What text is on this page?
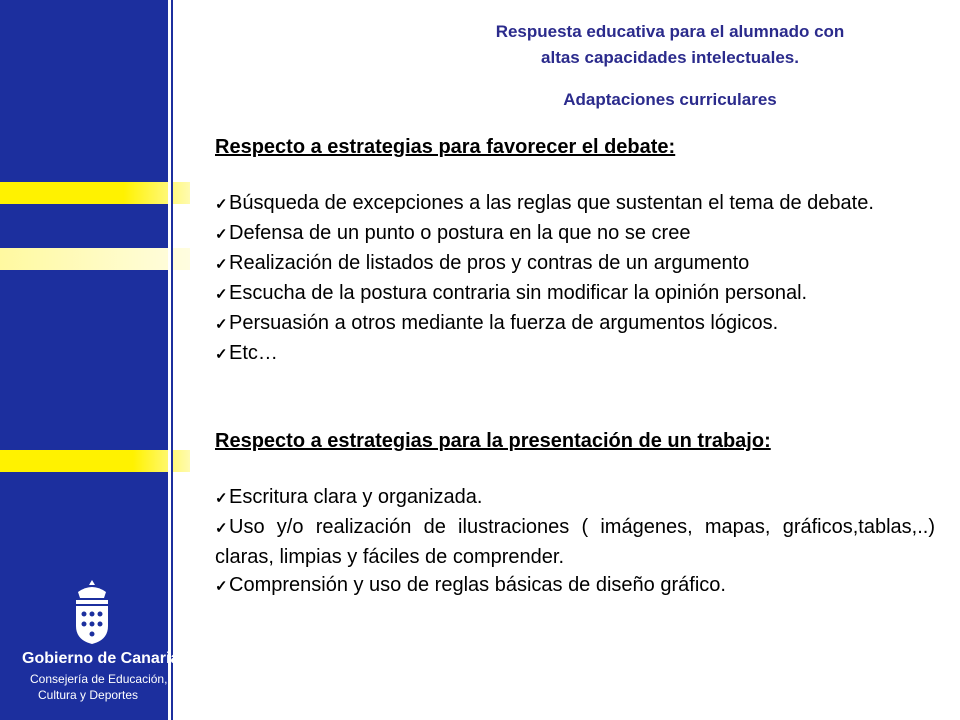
Gobierno de Canarias
Consejería de Educación,
Cultura y Deportes
Respuesta educativa para el alumnado con
altas capacidades intelectuales.
Adaptaciones curriculares
Respecto a estrategias para favorecer el debate:
✓Búsqueda de excepciones a las reglas que sustentan el tema de debate.
✓Defensa de un punto o postura en la que no se cree
✓Realización de listados de pros y contras de un argumento
✓Escucha de la postura contraria sin modificar la opinión personal.
✓Persuasión a otros mediante la fuerza de argumentos lógicos.
✓Etc…
Respecto a estrategias para la presentación de un trabajo:
✓Escritura clara y organizada.
✓Uso y/o realización de ilustraciones ( imágenes, mapas, gráficos,tablas,..) claras, limpias y fáciles de comprender.
✓Comprensión y uso de reglas básicas de diseño gráfico.
